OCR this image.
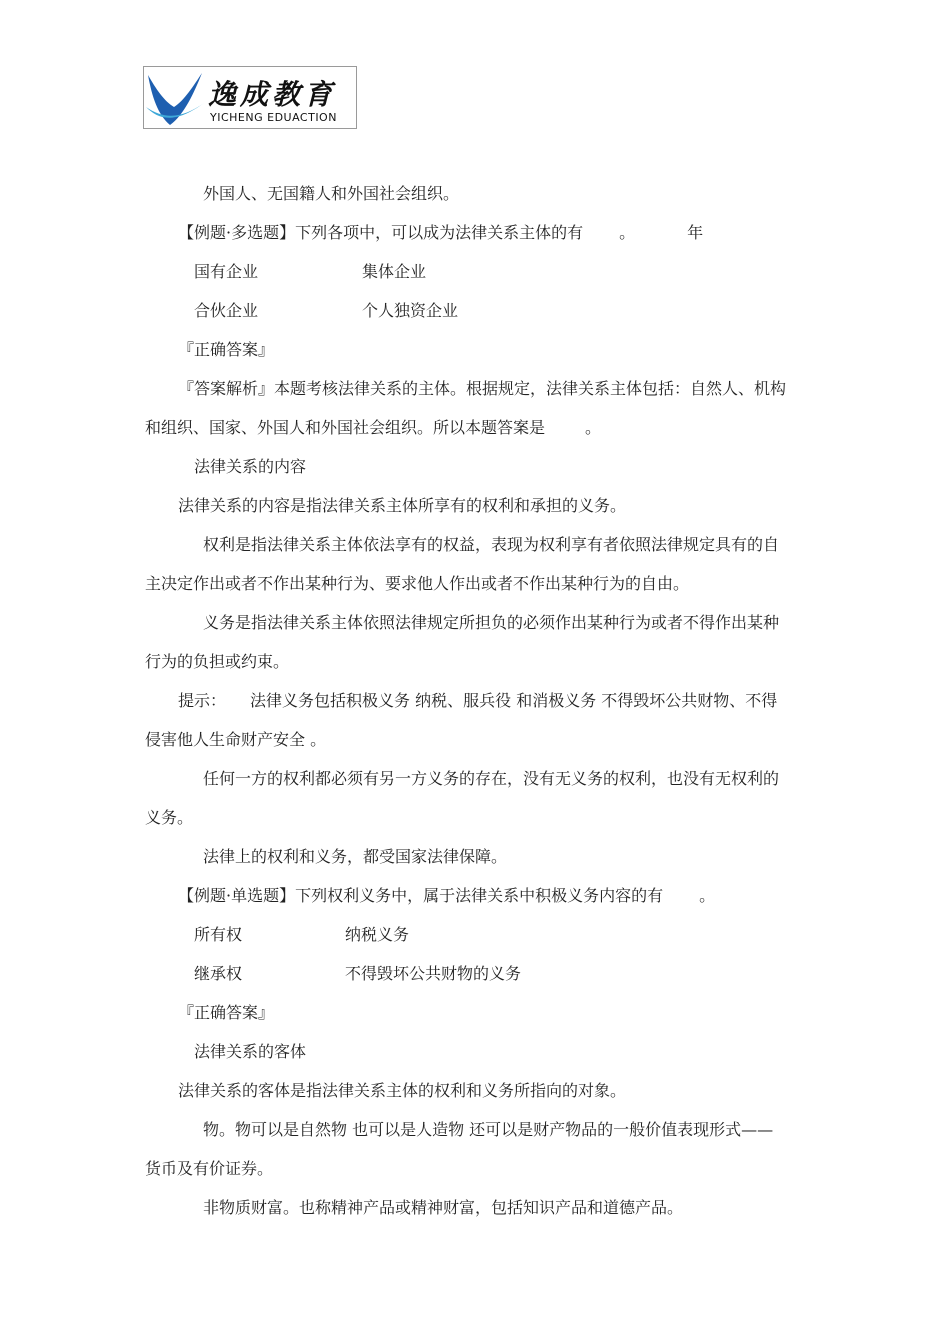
逸成教育
YICHENG EDUACTION
外国人、无国籍人和外国社会组织。
【例题·多选题】下列各项中，可以成为法律关系主体的有 。	年
国有企业	集体企业
合伙企业	个人独资企业
『正确答案』
『答案解析』本题考核法律关系的主体。根据规定，法律关系主体包括：自然人、机构
和组织、国家、外国人和外国社会组织。所以本题答案是	。
法律关系的内容
法律关系的内容是指法律关系主体所享有的权利和承担的义务。
权利是指法律关系主体依法享有的权益，表现为权利享有者依照法律规定具有的自
主决定作出或者不作出某种行为、要求他人作出或者不作出某种行为的自由。
义务是指法律关系主体依照法律规定所担负的必须作出某种行为或者不得作出某种
行为的负担或约束。
提示： 法律义务包括积极义务 纳税、服兵役 和消极义务 不得毁坏公共财物、不得
侵害他人生命财产安全 。
任何一方的权利都必须有另一方义务的存在，没有无义务的权利，也没有无权利的
义务。
法律上的权利和义务，都受国家法律保障。
【例题·单选题】下列权利义务中，属于法律关系中积极义务内容的有 。
所有权	纳税义务
继承权	不得毁坏公共财物的义务
『正确答案』
法律关系的客体
法律关系的客体是指法律关系主体的权利和义务所指向的对象。
物。物可以是自然物 也可以是人造物 还可以是财产物品的一般价值表现形式——
货币及有价证券。
非物质财富。也称精神产品或精神财富，包括知识产品和道德产品。
